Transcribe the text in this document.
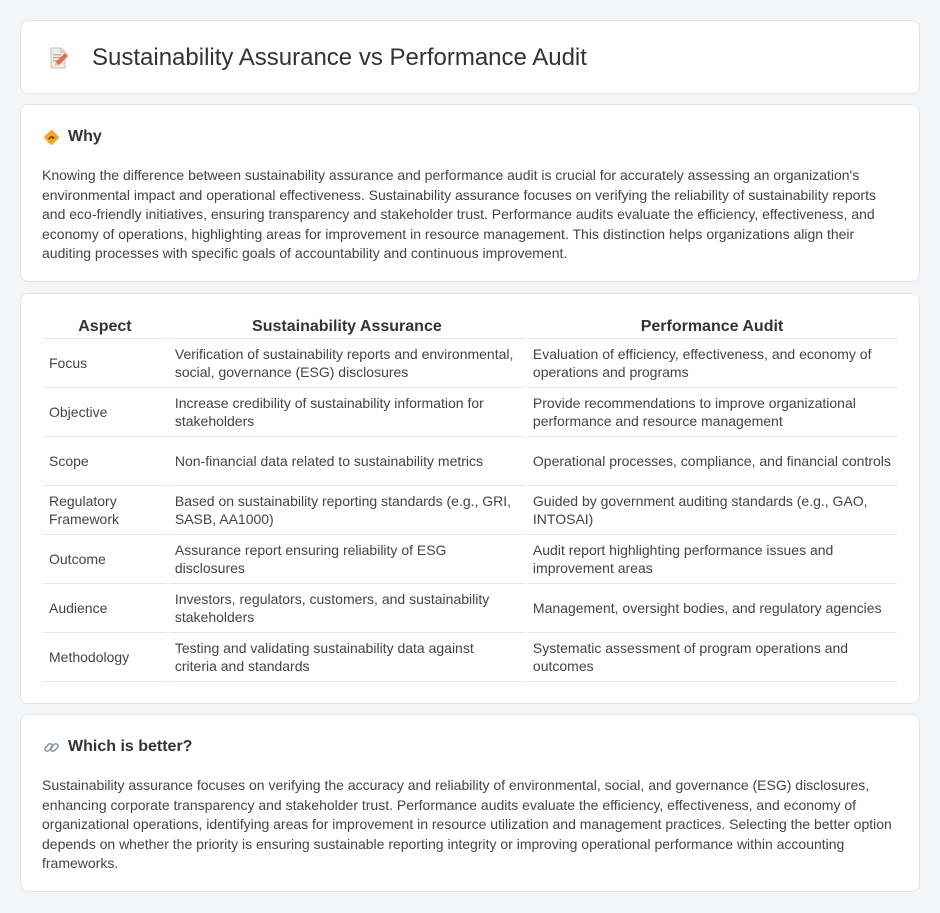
Sustainability Assurance vs Performance Audit
Why

Knowing the difference between sustainability assurance and performance audit is crucial for accurately assessing an organization's environmental impact and operational effectiveness. Sustainability assurance focuses on verifying the reliability of sustainability reports and eco-friendly initiatives, ensuring transparency and stakeholder trust. Performance audits evaluate the efficiency, effectiveness, and economy of operations, highlighting areas for improvement in resource management. This distinction helps organizations align their auditing processes with specific goals of accountability and continuous improvement.

Aspect	Sustainability Assurance	Performance Audit
Focus	Verification of sustainability reports and environmental, social, governance (ESG) disclosures	Evaluation of efficiency, effectiveness, and economy of operations and programs
Objective	Increase credibility of sustainability information for stakeholders	Provide recommendations to improve organizational performance and resource management
Scope	Non-financial data related to sustainability metrics	Operational processes, compliance, and financial controls
Regulatory Framework	Based on sustainability reporting standards (e.g., GRI, SASB, AA1000)	Guided by government auditing standards (e.g., GAO, INTOSAI)
Outcome	Assurance report ensuring reliability of ESG disclosures	Audit report highlighting performance issues and improvement areas
Audience	Investors, regulators, customers, and sustainability stakeholders	Management, oversight bodies, and regulatory agencies
Methodology	Testing and validating sustainability data against criteria and standards	Systematic assessment of program operations and outcomes
Which is better?

Sustainability assurance focuses on verifying the accuracy and reliability of environmental, social, and governance (ESG) disclosures, enhancing corporate transparency and stakeholder trust. Performance audits evaluate the efficiency, effectiveness, and economy of organizational operations, identifying areas for improvement in resource utilization and management practices. Selecting the better option depends on whether the priority is ensuring sustainable reporting integrity or improving operational performance within accounting frameworks.
